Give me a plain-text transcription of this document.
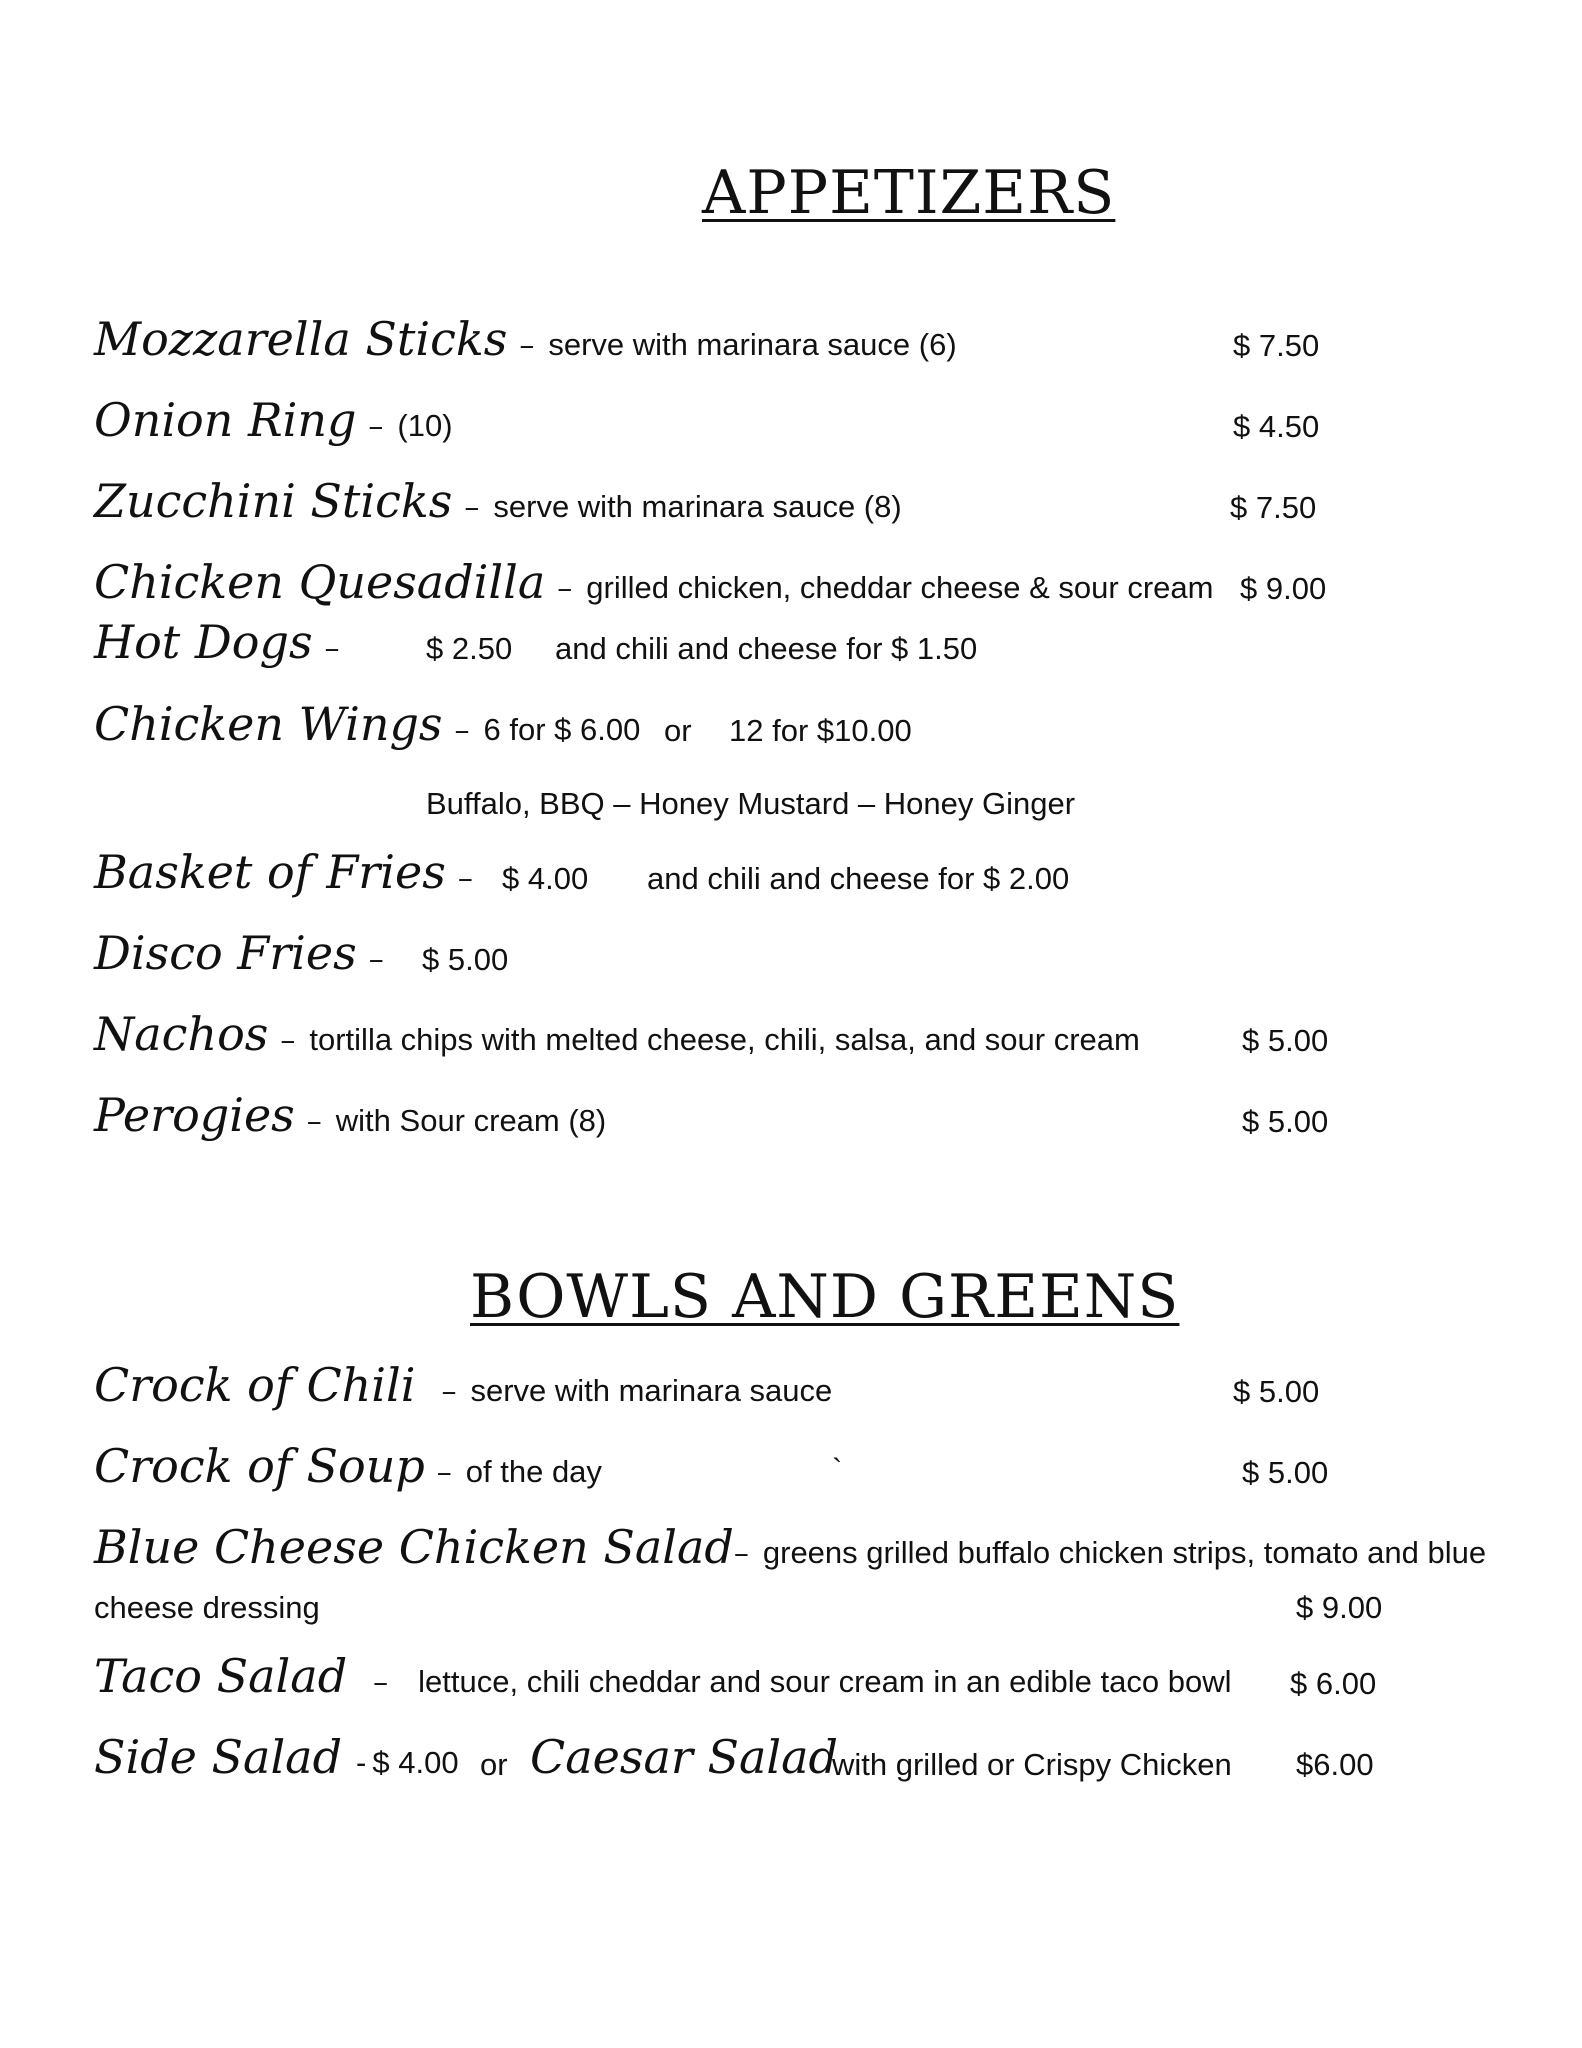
APPETIZERS
Mozzarella Sticks – serve with marinara sauce (6)	$ 7.50
Onion Ring – (10)	$ 4.50
Zucchini Sticks – serve with marinara sauce (8)	$ 7.50
Chicken Quesadilla – grilled chicken, cheddar cheese & sour cream $ 9.00
Hot Dogs –	$ 2.50 and chili and cheese for $ 1.50
Chicken Wings – 6 for $ 6.00 or 12 for $10.00
Buffalo, BBQ – Honey Mustard – Honey Ginger
Basket of Fries – $ 4.00 and chili and cheese for $ 2.00
Disco Fries –	$ 5.00
Nachos – tortilla chips with melted cheese, chili, salsa, and sour cream	$ 5.00
Perogies – with Sour cream (8)	$ 5.00
BOWLS AND GREENS
Crock of Chili – serve with marinara sauce	$ 5.00
Crock of Soup – of the day	`	$ 5.00
Blue Cheese Chicken Salad– greens grilled buffalo chicken strips, tomato and blue
cheese dressing	$ 9.00
Taco Salad – lettuce, chili cheddar and sour cream in an edible taco bowl $ 6.00
Side Salad - $ 4.00 or Caesar Salad
with grilled or Crispy Chicken $6.00
